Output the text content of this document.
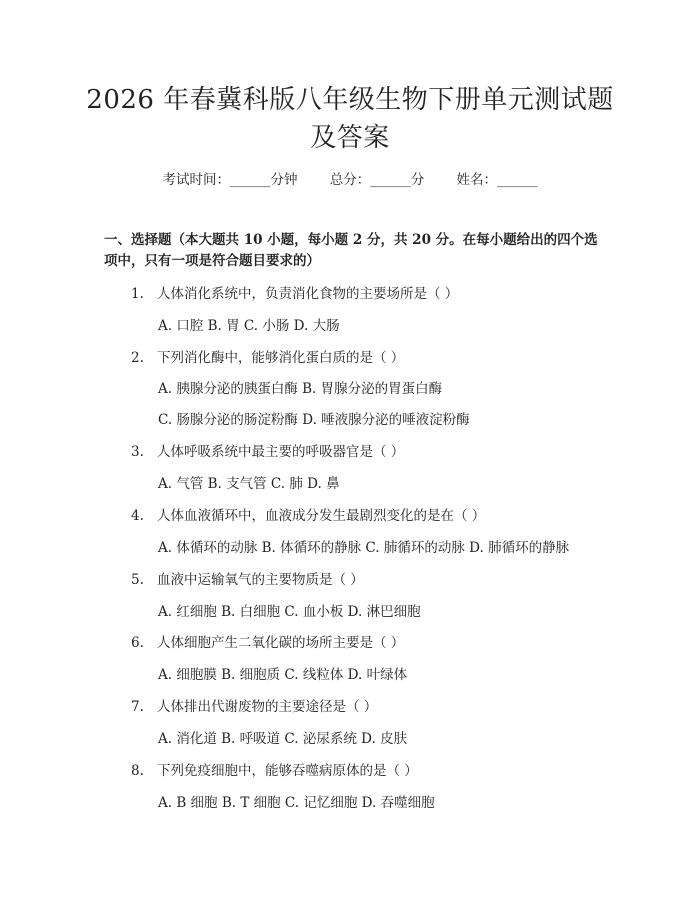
2026 年春冀科版八年级生物下册单元测试题
及答案
考试时间：______分钟 总分：______分 姓名：______
一、选择题（本大题共 10 小题，每小题 2 分，共 20 分。在每小题给出的四个选
项中，只有一项是符合题目要求的）
1. 人体消化系统中，负责消化食物的主要场所是（ ）
A. 口腔 B. 胃 C. 小肠 D. 大肠
2. 下列消化酶中，能够消化蛋白质的是（ ）
A. 胰腺分泌的胰蛋白酶 B. 胃腺分泌的胃蛋白酶
C. 肠腺分泌的肠淀粉酶 D. 唾液腺分泌的唾液淀粉酶
3. 人体呼吸系统中最主要的呼吸器官是（ ）
A. 气管 B. 支气管 C. 肺 D. 鼻
4. 人体血液循环中，血液成分发生最剧烈变化的是在（ ）
A. 体循环的动脉 B. 体循环的静脉 C. 肺循环的动脉 D. 肺循环的静脉
5. 血液中运输氧气的主要物质是（ ）
A. 红细胞 B. 白细胞 C. 血小板 D. 淋巴细胞
6. 人体细胞产生二氧化碳的场所主要是（ ）
A. 细胞膜 B. 细胞质 C. 线粒体 D. 叶绿体
7. 人体排出代谢废物的主要途径是（ ）
A. 消化道 B. 呼吸道 C. 泌尿系统 D. 皮肤
8. 下列免疫细胞中，能够吞噬病原体的是（ ）
A. B 细胞 B. T 细胞 C. 记忆细胞 D. 吞噬细胞
